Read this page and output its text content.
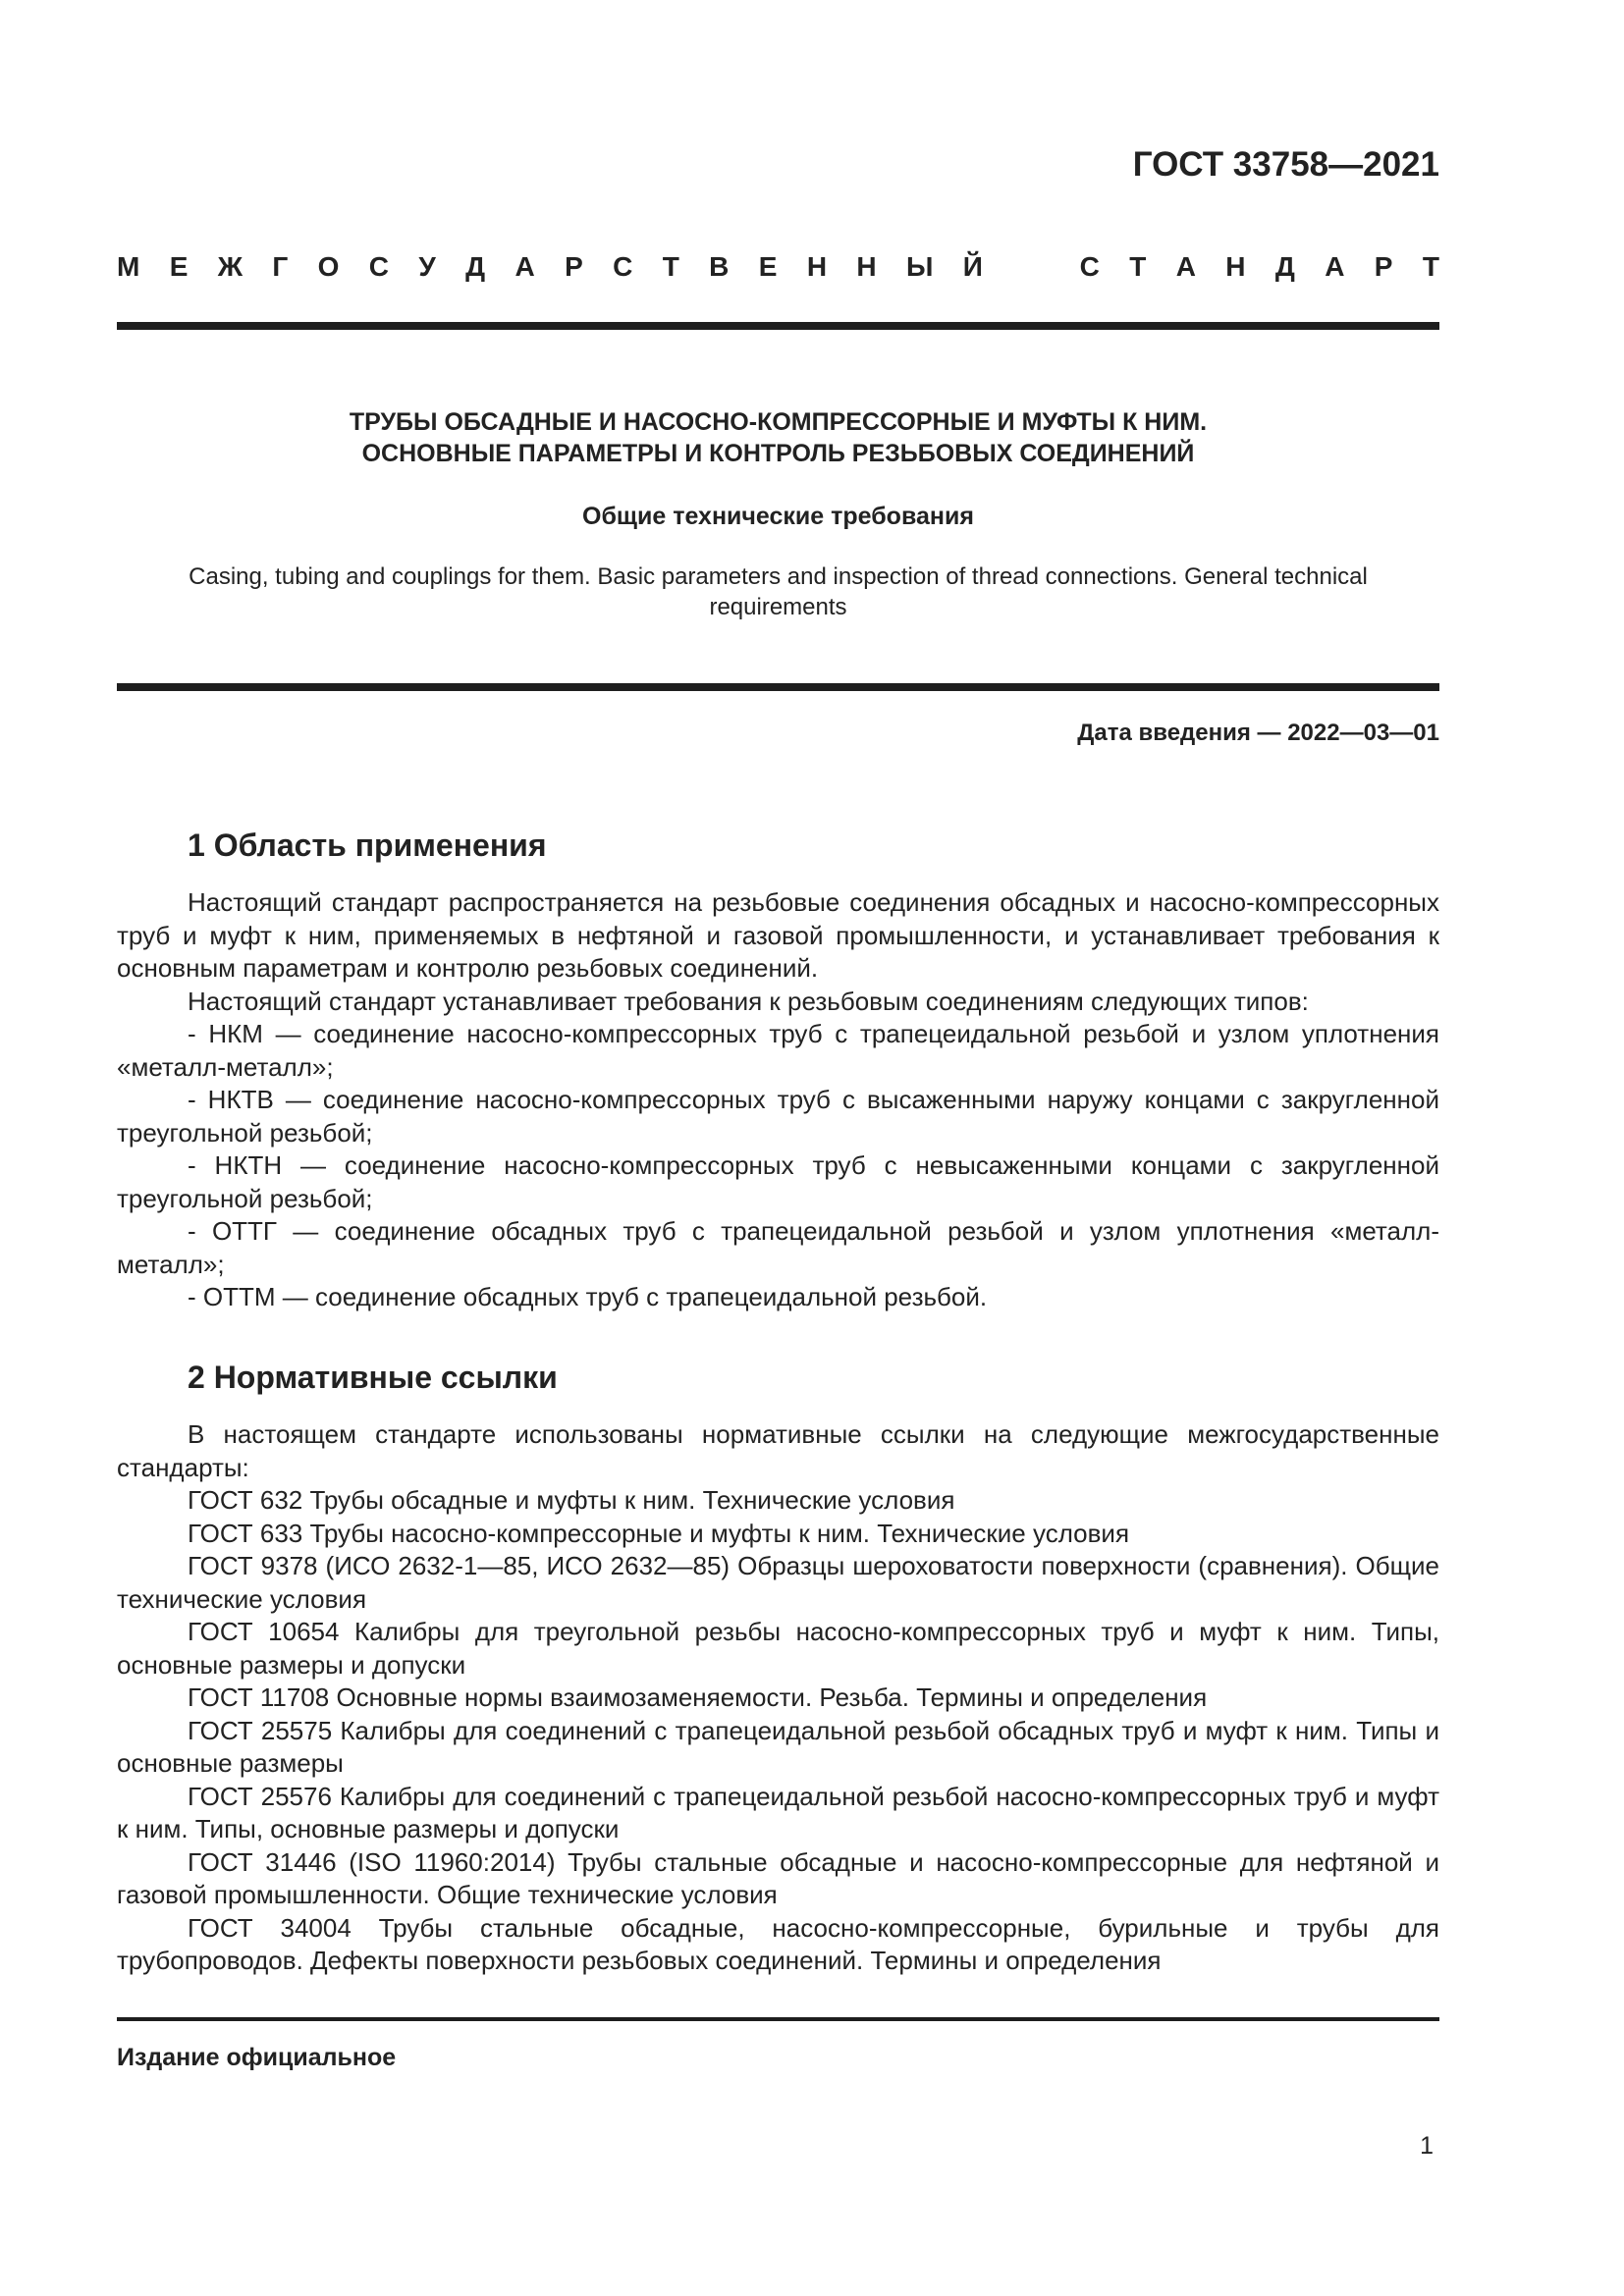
ГОСТ 33758—2021

М Е Ж Г О С У Д А Р С Т В Е Н Н Ы Й	С Т А Н Д А Р Т
ТРУБЫ ОБСАДНЫЕ И НАСОСНО-КОМПРЕССОРНЫЕ И МУФТЫ К НИМ.
ОСНОВНЫЕ ПАРАМЕТРЫ И КОНТРОЛЬ РЕЗЬБОВЫХ СОЕДИНЕНИЙ

Общие технические требования

Casing, tubing and couplings for them. Basic parameters and inspection of thread connections. General technical
requirements

Дата введения — 2022—03—01

1 Область применения

Настоящий стандарт распространяется на резьбовые соединения обсадных и насосно-компрессорных труб и муфт к ним, применяемых в нефтяной и газовой промышленности, и устанавливает требования к основным параметрам и контролю резьбовых соединений.

Настоящий стандарт устанавливает требования к резьбовым соединениям следующих типов:

- НКМ — соединение насосно-компрессорных труб с трапецеидальной резьбой и узлом уплотнения «металл-металл»;

- НКТВ — соединение насосно-компрессорных труб с высаженными наружу концами с закругленной треугольной резьбой;

- НКТН — соединение насосно-компрессорных труб с невысаженными концами с закругленной треугольной резьбой;

- ОТТГ — соединение обсадных труб с трапецеидальной резьбой и узлом уплотнения «металл-металл»;

- ОТТМ — соединение обсадных труб с трапецеидальной резьбой.

2 Нормативные ссылки

В настоящем стандарте использованы нормативные ссылки на следующие межгосударственные стандарты:

ГОСТ 632 Трубы обсадные и муфты к ним. Технические условия

ГОСТ 633 Трубы насосно-компрессорные и муфты к ним. Технические условия

ГОСТ 9378 (ИСО 2632-1—85, ИСО 2632—85) Образцы шероховатости поверхности (сравнения). Общие технические условия

ГОСТ 10654 Калибры для треугольной резьбы насосно-компрессорных труб и муфт к ним. Типы, основные размеры и допуски

ГОСТ 11708 Основные нормы взаимозаменяемости. Резьба. Термины и определения

ГОСТ 25575 Калибры для соединений с трапецеидальной резьбой обсадных труб и муфт к ним. Типы и основные размеры

ГОСТ 25576 Калибры для соединений с трапецеидальной резьбой насосно-компрессорных труб и муфт к ним. Типы, основные размеры и допуски

ГОСТ 31446 (ISO 11960:2014) Трубы стальные обсадные и насосно-компрессорные для нефтяной и газовой промышленности. Общие технические условия

ГОСТ 34004 Трубы стальные обсадные, насосно-компрессорные, бурильные и трубы для трубопроводов. Дефекты поверхности резьбовых соединений. Термины и определения

Издание официальное

1
